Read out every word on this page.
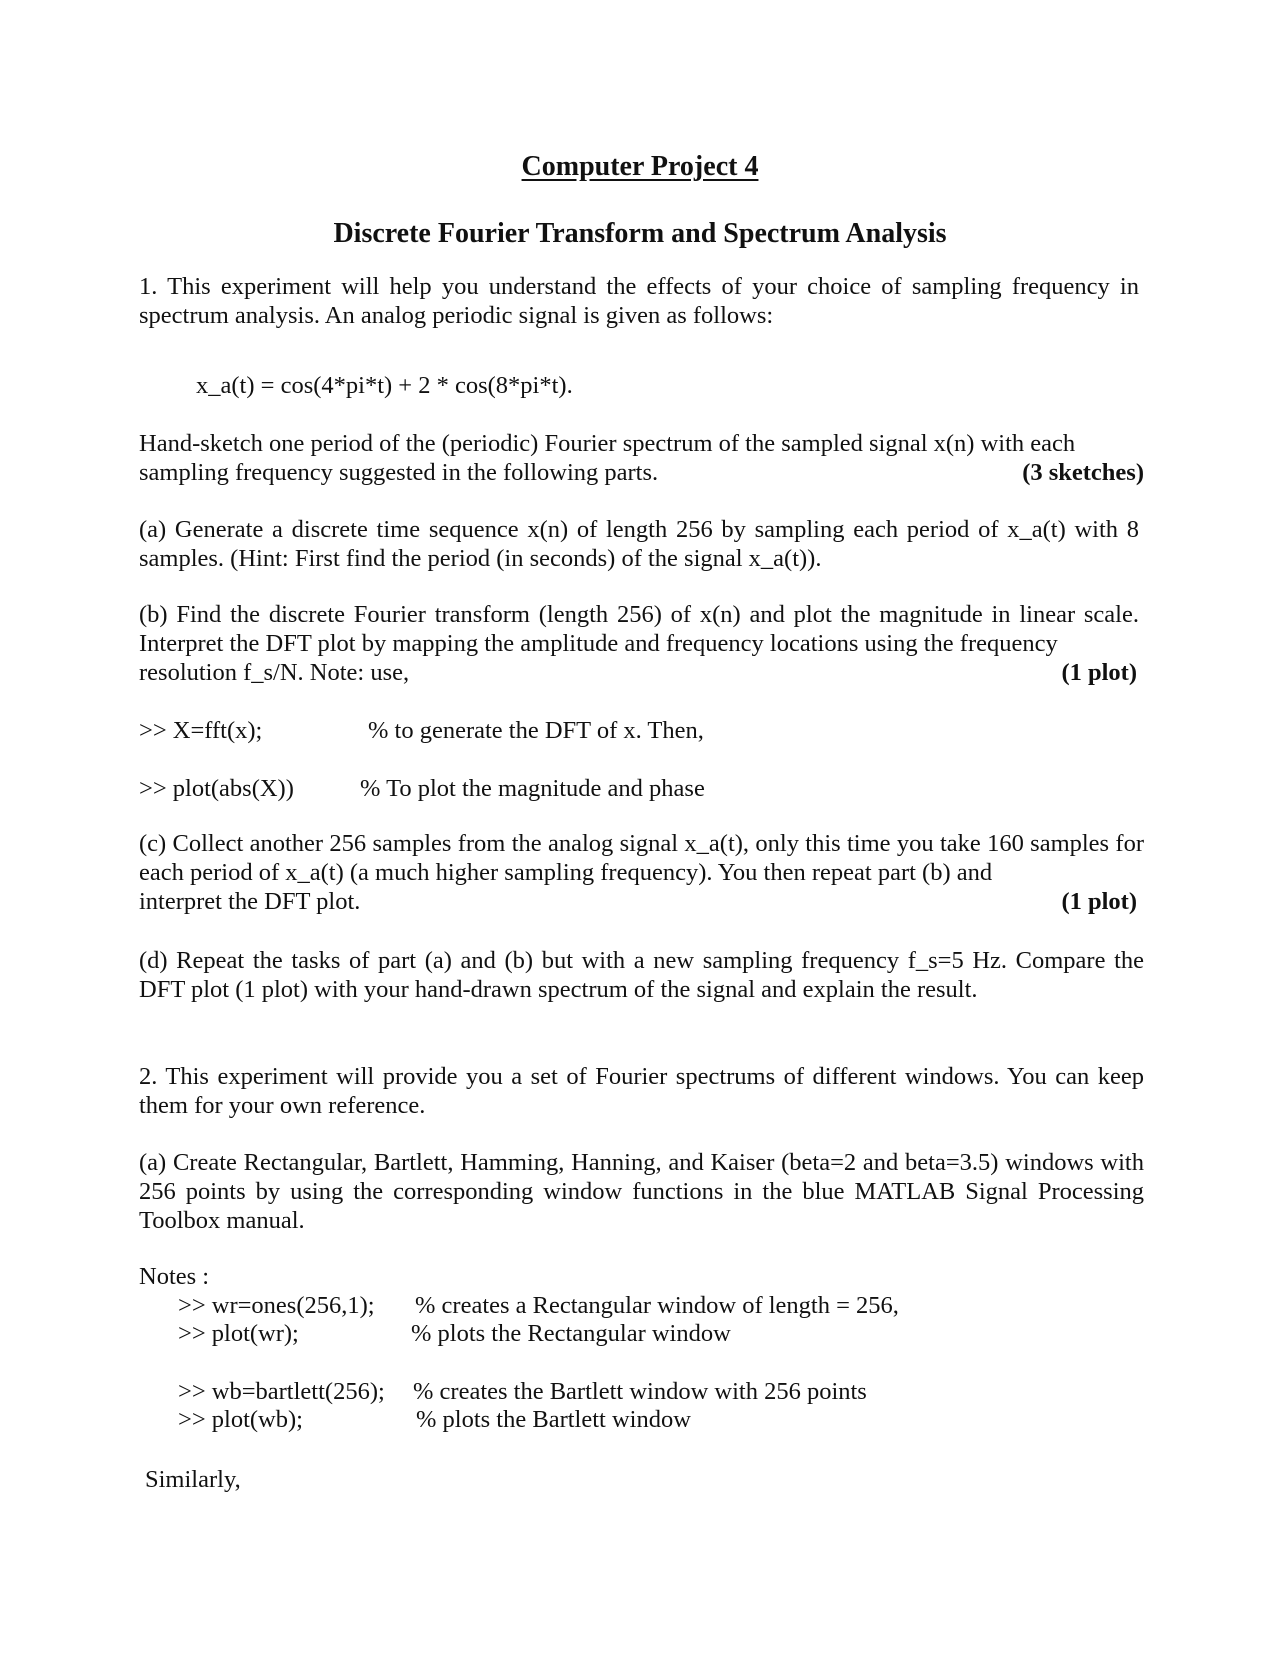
Computer Project 4
Discrete Fourier Transform and Spectrum Analysis
1. This experiment will help you understand the effects of your choice of sampling frequency in spectrum analysis. An analog periodic signal is given as follows:
x_a(t) = cos(4*pi*t) + 2 * cos(8*pi*t).
Hand-sketch one period of the (periodic) Fourier spectrum of the sampled signal x(n) with each
sampling frequency suggested in the following parts.	(3 sketches)
(a) Generate a discrete time sequence x(n) of length 256 by sampling each period of x_a(t) with 8 samples. (Hint: First find the period (in seconds) of the signal x_a(t)).
(b) Find the discrete Fourier transform (length 256) of x(n) and plot the magnitude in linear scale. Interpret the DFT plot by mapping the amplitude and frequency locations using the frequency
resolution f_s/N. Note: use,	(1 plot)
>> X=fft(x);	% to generate the DFT of x. Then,
>> plot(abs(X))	% To plot the magnitude and phase
(c) Collect another 256 samples from the analog signal x_a(t), only this time you take 160 samples for each period of x_a(t) (a much higher sampling frequency). You then repeat part (b) and
interpret the DFT plot.	(1 plot)
(d) Repeat the tasks of part (a) and (b) but with a new sampling frequency f_s=5 Hz. Compare the DFT plot (1 plot) with your hand-drawn spectrum of the signal and explain the result.
2. This experiment will provide you a set of Fourier spectrums of different windows. You can keep them for your own reference.
(a) Create Rectangular, Bartlett, Hamming, Hanning, and Kaiser (beta=2 and beta=3.5) windows with 256 points by using the corresponding window functions in the blue MATLAB Signal Processing Toolbox manual.
Notes :
>> wr=ones(256,1); % creates a Rectangular window of length = 256,
>> plot(wr);	% plots the Rectangular window
>> wb=bartlett(256); % creates the Bartlett window with 256 points
>> plot(wb);	% plots the Bartlett window
Similarly,
